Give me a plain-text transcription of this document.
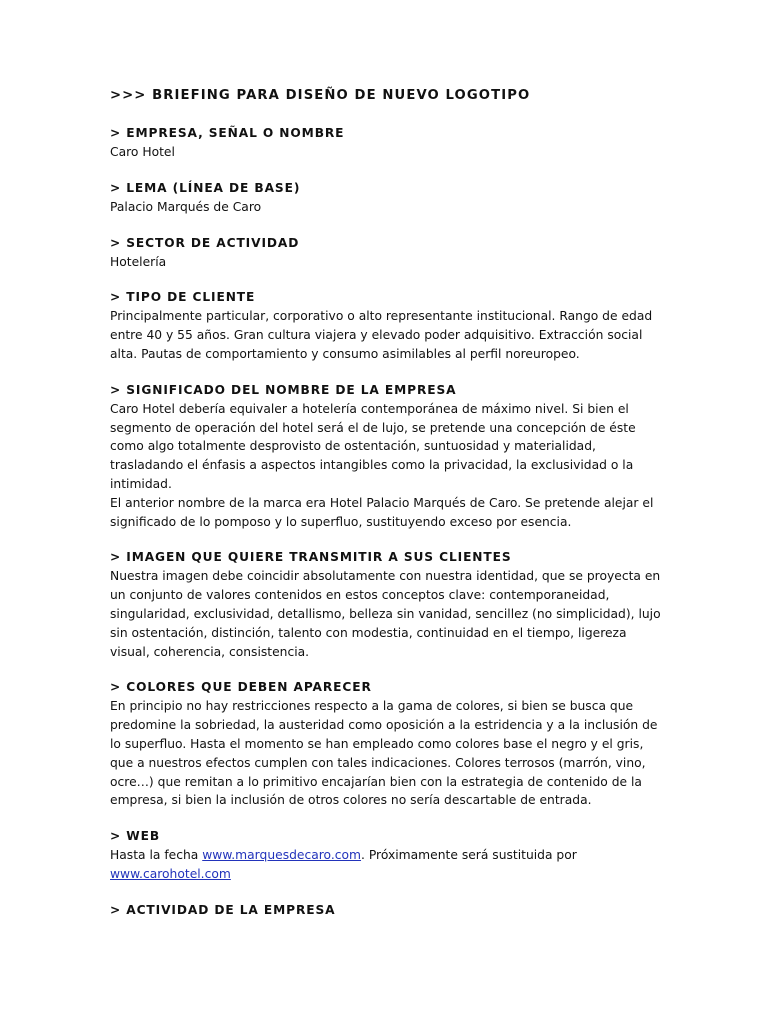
>>> BRIEFING PARA DISEÑO DE NUEVO LOGOTIPO
> EMPRESA, SEÑAL O NOMBRE

Caro Hotel

> LEMA (LÍNEA DE BASE)

Palacio Marqués de Caro

> SECTOR DE ACTIVIDAD

Hotelería

> TIPO DE CLIENTE

Principalmente particular, corporativo o alto representante institucional. Rango de edad entre 40 y 55 años. Gran cultura viajera y elevado poder adquisitivo. Extracción social alta. Pautas de comportamiento y consumo asimilables al perfil noreuropeo.

> SIGNIFICADO DEL NOMBRE DE LA EMPRESA

Caro Hotel debería equivaler a hotelería contemporánea de máximo nivel. Si bien el segmento de operación del hotel será el de lujo, se pretende una concepción de éste como algo totalmente desprovisto de ostentación, suntuosidad y materialidad, trasladando el énfasis a aspectos intangibles como la privacidad, la exclusividad o la intimidad.

El anterior nombre de la marca era Hotel Palacio Marqués de Caro. Se pretende alejar el significado de lo pomposo y lo superfluo, sustituyendo exceso por esencia.

> IMAGEN QUE QUIERE TRANSMITIR A SUS CLIENTES

Nuestra imagen debe coincidir absolutamente con nuestra identidad, que se proyecta en un conjunto de valores contenidos en estos conceptos clave: contemporaneidad, singularidad, exclusividad, detallismo, belleza sin vanidad, sencillez (no simplicidad), lujo sin ostentación, distinción, talento con modestia, continuidad en el tiempo, ligereza visual, coherencia, consistencia.

> COLORES QUE DEBEN APARECER

En principio no hay restricciones respecto a la gama de colores, si bien se busca que predomine la sobriedad, la austeridad como oposición a la estridencia y a la inclusión de lo superfluo. Hasta el momento se han empleado como colores base el negro y el gris, que a nuestros efectos cumplen con tales indicaciones. Colores terrosos (marrón, vino, ocre…) que remitan a lo primitivo encajarían bien con la estrategia de contenido de la empresa, si bien la inclusión de otros colores no sería descartable de entrada.

> WEB

Hasta la fecha www.marquesdecaro.com. Próximamente será sustituida por www.carohotel.com

> ACTIVIDAD DE LA EMPRESA
